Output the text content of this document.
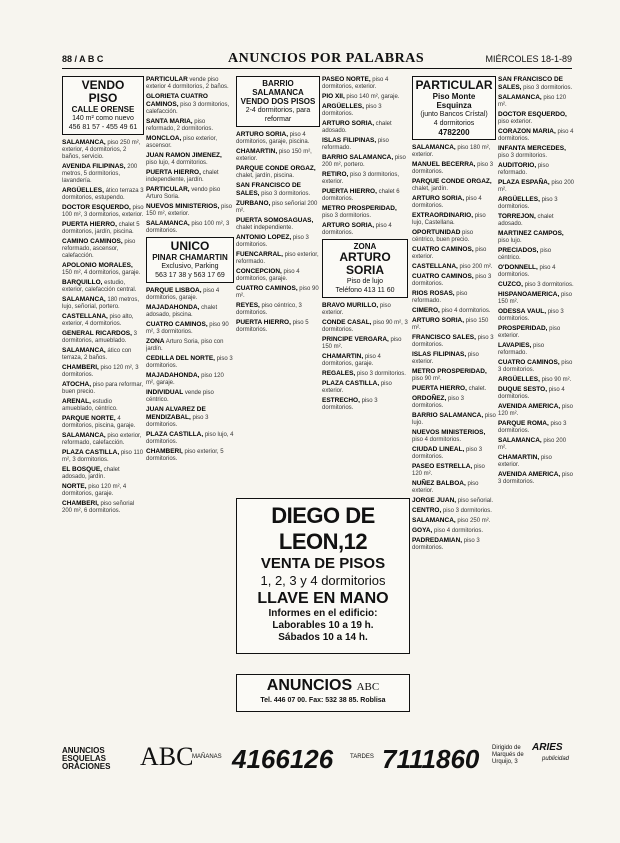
88 / A B C	ANUNCIOS POR PALABRAS	MIÉRCOLES 18-1-89
VENDO
PISO
CALLE ORENSE
140 m² como nuevo
456 81 57 - 455 49 61

SALAMANCA, piso 250 m², exterior, 4 dormitorios, 2 baños, servicio.

AVENIDA FILIPINAS, 200 metros, 5 dormitorios, lavandería.

ARGÜELLES, ático terraza 3 dormitorios, estupendo.

DOCTOR ESQUERDO, piso 100 m², 3 dormitorios, exterior.

PUERTA HIERRO, chalet 5 dormitorios, jardín, piscina.

CAMINO CAMINOS, piso reformado, ascensor, calefacción.

APOLONIO MORALES, 150 m², 4 dormitorios, garaje.

BARQUILLO, estudio, exterior, calefacción central.

SALAMANCA, 180 metros, lujo, señorial, portero.

CASTELLANA, piso alto, exterior, 4 dormitorios.

GENERAL RICARDOS, 3 dormitorios, amueblado.

SALAMANCA, ático con terraza, 2 baños.

CHAMBERI, piso 120 m², 3 dormitorios.

ATOCHA, piso para reformar, buen precio.

ARENAL, estudio amueblado, céntrico.

PARQUE NORTE, 4 dormitorios, piscina, garaje.

SALAMANCA, piso exterior, reformado, calefacción.

PLAZA CASTILLA, piso 110 m², 3 dormitorios.

EL BOSQUE, chalet adosado, jardín.

NORTE, piso 120 m², 4 dormitorios, garaje.

CHAMBERI, piso señorial 200 m², 6 dormitorios.

PARTICULAR vende piso exterior 4 dormitorios, 2 baños.

GLORIETA CUATRO CAMINOS, piso 3 dormitorios, calefacción.

SANTA MARIA, piso reformado, 2 dormitorios.

MONCLOA, piso exterior, ascensor.

JUAN RAMON JIMENEZ, piso lujo, 4 dormitorios.

PUERTA HIERRO, chalet independiente, jardín.

PARTICULAR, vendo piso Arturo Soria.

NUEVOS MINISTERIOS, piso 150 m², exterior.

SALAMANCA, piso 100 m², 3 dormitorios.

UNICO
PINAR CHAMARTIN
Exclusivo, Parking
563 17 38 y 563 17 69

PARQUE LISBOA, piso 4 dormitorios, garaje.

MAJADAHONDA, chalet adosado, piscina.

CUATRO CAMINOS, piso 90 m², 3 dormitorios.

ZONA Arturo Soria, piso con jardín.

CEDILLA DEL NORTE, piso 3 dormitorios.

MAJADAHONDA, piso 120 m², garaje.

INDIVIDUAL vende piso céntrico.

JUAN ALVAREZ DE MENDIZABAL, piso 3 dormitorios.

PLAZA CASTILLA, piso lujo, 4 dormitorios.

CHAMBERI, piso exterior, 5 dormitorios.

BARRIO SALAMANCA
VENDO DOS PISOS
2-4 dormitorios, para
reformar

ARTURO SORIA, piso 4 dormitorios, garaje, piscina.

CHAMARTIN, piso 150 m², exterior.

PARQUE CONDE ORGAZ, chalet, jardín, piscina.

SAN FRANCISCO DE SALES, piso 3 dormitorios.

ZURBANO, piso señorial 200 m².

PUERTA SOMOSAGUAS, chalet independiente.

ANTONIO LOPEZ, piso 3 dormitorios.

FUENCARRAL, piso exterior, reformado.

CONCEPCION, piso 4 dormitorios, garaje.

CUATRO CAMINOS, piso 90 m².

REYES, piso céntrico, 3 dormitorios.

PUERTA HIERRO, piso 5 dormitorios.

PASEO NORTE, piso 4 dormitorios, exterior.

PIO XII, piso 140 m², garaje.

ARGÜELLES, piso 3 dormitorios.

ARTURO SORIA, chalet adosado.

ISLAS FILIPINAS, piso reformado.

BARRIO SALAMANCA, piso 200 m², portero.

RETIRO, piso 3 dormitorios, exterior.

PUERTA HIERRO, chalet 6 dormitorios.

METRO PROSPERIDAD, piso 3 dormitorios.

ARTURO SORIA, piso 4 dormitorios.

ZONA
ARTURO SORIA
Piso de lujo
Teléfono 413 11 60

BRAVO MURILLO, piso exterior.

CONDE CASAL, piso 90 m², 3 dormitorios.

PRINCIPE VERGARA, piso 150 m².

CHAMARTIN, piso 4 dormitorios, garaje.

REGALES, piso 3 dormitorios.

PLAZA CASTILLA, piso exterior.

ESTRECHO, piso 3 dormitorios.

PARTICULAR
Piso Monte Esquinza
(junto Bancos Crístal)
4 dormitorios
4782200

SALAMANCA, piso 180 m², exterior.

MANUEL BECERRA, piso 3 dormitorios.

PARQUE CONDE ORGAZ, chalet, jardín.

ARTURO SORIA, piso 4 dormitorios.

EXTRAORDINARIO, piso lujo, Castellana.

OPORTUNIDAD piso céntrico, buen precio.

CUATRO CAMINOS, piso exterior.

CASTELLANA, piso 200 m².

CUATRO CAMINOS, piso 3 dormitorios.

RIOS ROSAS, piso reformado.

CIMERO, piso 4 dormitorios.

ARTURO SORIA, piso 150 m².

FRANCISCO SALES, piso 3 dormitorios.

ISLAS FILIPINAS, piso exterior.

METRO PROSPERIDAD, piso 90 m².

PUERTA HIERRO, chalet.

ORDOÑEZ, piso 3 dormitorios.

BARRIO SALAMANCA, piso lujo.

NUEVOS MINISTERIOS, piso 4 dormitorios.

CIUDAD LINEAL, piso 3 dormitorios.

PASEO ESTRELLA, piso 120 m².

NUÑEZ BALBOA, piso exterior.

JORGE JUAN, piso señorial.

CENTRO, piso 3 dormitorios.

SALAMANCA, piso 250 m².

GOYA, piso 4 dormitorios.

PADREDAMIAN, piso 3 dormitorios.

SAN FRANCISCO DE SALES, piso 3 dormitorios.

SALAMANCA, piso 120 m².

DOCTOR ESQUERDO, piso exterior.

CORAZON MARIA, piso 4 dormitorios.

INFANTA MERCEDES, piso 3 dormitorios.

AUDITORIO, piso reformado.

PLAZA ESPAÑA, piso 200 m².

ARGÜELLES, piso 3 dormitorios.

TORREJON, chalet adosado.

MARTINEZ CAMPOS, piso lujo.

PRECIADOS, piso céntrico.

O'DONNELL, piso 4 dormitorios.

CUZCO, piso 3 dormitorios.

HISPANOAMERICA, piso 150 m².

ODESSA VAUL, piso 3 dormitorios.

PROSPERIDAD, piso exterior.

LAVAPIES, piso reformado.

CUATRO CAMINOS, piso 3 dormitorios.

ARGÜELLES, piso 90 m².

DUQUE SESTO, piso 4 dormitorios.

AVENIDA AMERICA, piso 120 m².

PARQUE ROMA, piso 3 dormitorios.

SALAMANCA, piso 200 m².

CHAMARTIN, piso exterior.

AVENIDA AMERICA, piso 3 dormitorios.

DIEGO DE LEON,12
VENTA DE PISOS
1, 2, 3 y 4 dormitorios
LLAVE EN MANO
Informes en el edificio:
Laborables 10 a 19 h.
Sábados 10 a 14 h.
ANUNCIOS ABC
Tel. 446 07 00. Fax: 532 38 85. Roblisa
ANUNCIOS
ESQUELAS
ORACIONES ABC
MAÑANAS 4166126	TARDES 7111860 Dirigido de Marqués de Urquijo, 3
ARIES
publicidad
